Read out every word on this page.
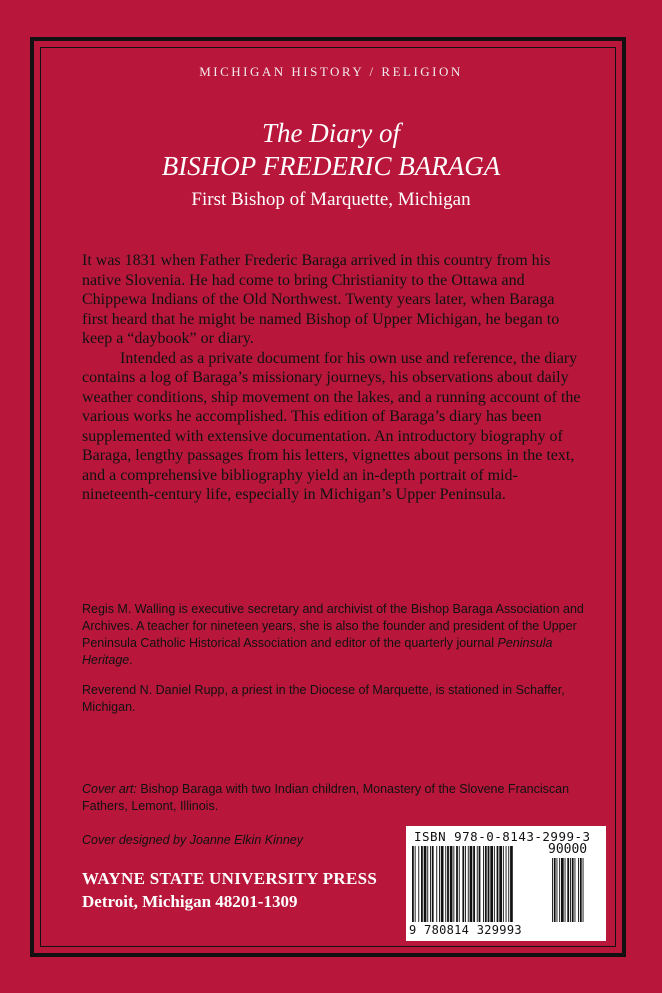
MICHIGAN HISTORY / RELIGION
The Diary of
BISHOP FREDERIC BARAGA
First Bishop of Marquette, Michigan

It was 1831 when Father Frederic Baraga arrived in this country from his native Slovenia. He had come to bring Christianity to the Ottawa and Chippewa Indians of the Old Northwest. Twenty years later, when Baraga first heard that he might be named Bishop of Upper Michigan, he began to keep a “daybook” or diary.

Intended as a private document for his own use and reference, the diary contains a log of Baraga’s missionary journeys, his observations about daily weather conditions, ship movement on the lakes, and a running account of the various works he accomplished. This edition of Baraga’s diary has been supplemented with extensive documentation. An introductory biography of Baraga, lengthy passages from his letters, vignettes about persons in the text, and a comprehensive bibliography yield an in-depth portrait of mid-nineteenth-century life, especially in Michigan’s Upper Peninsula.

Regis M. Walling is executive secretary and archivist of the Bishop Baraga Association and Archives. A teacher for nineteen years, she is also the founder and president of the Upper Peninsula Catholic Historical Association and editor of the quarterly journal Peninsula Heritage.

Reverend N. Daniel Rupp, a priest in the Diocese of Marquette, is stationed in Schaffer, Michigan.

Cover art: Bishop Baraga with two Indian children, Monastery of the Slovene Franciscan Fathers, Lemont, Illinois.
Cover designed by Joanne Elkin Kinney
WAYNE STATE UNIVERSITY PRESS
Detroit, Michigan 48201-1309
ISBN 978-0-8143-2999-3
90000
9 780814 329993
